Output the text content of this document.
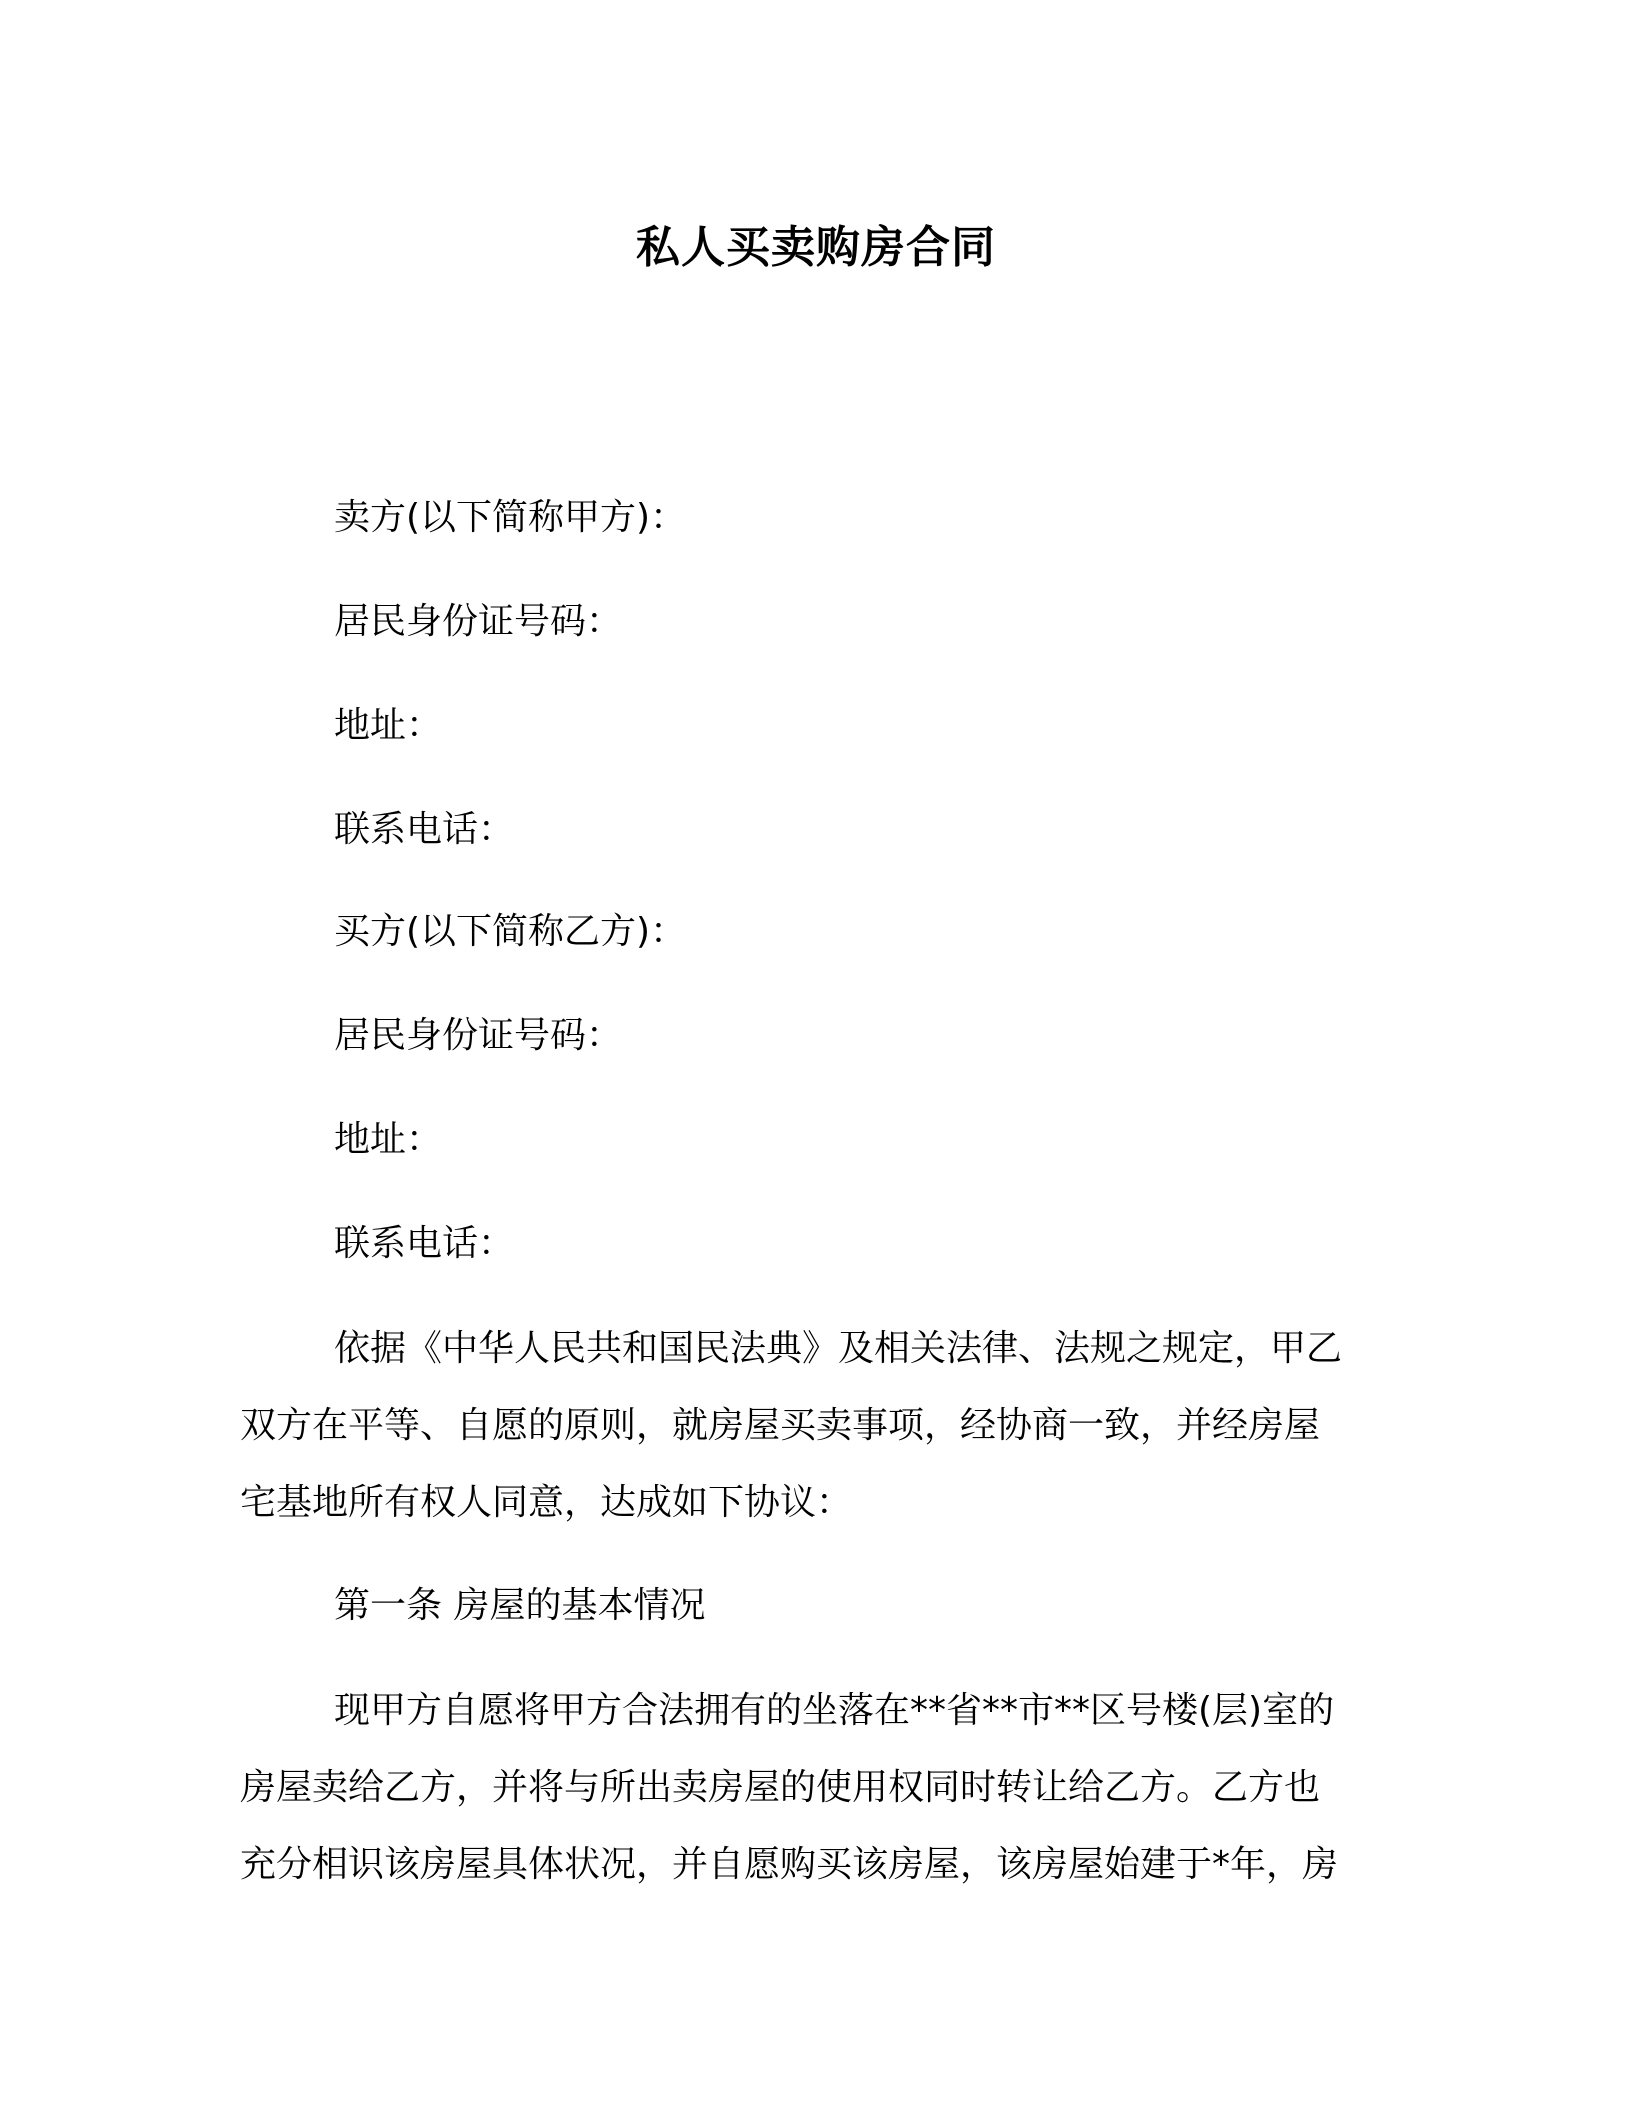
私人买卖购房合同
卖方(以下简称甲方)：
居民身份证号码：
地址：
联系电话：
买方(以下简称乙方)：
居民身份证号码：
地址：
联系电话：
依据《中华人民共和国民法典》及相关法律、法规之规定，甲乙
双方在平等、自愿的原则，就房屋买卖事项，经协商一致，并经房屋
宅基地所有权人同意，达成如下协议：
第一条 房屋的基本情况
现甲方自愿将甲方合法拥有的坐落在**省**市**区号楼(层)室的
房屋卖给乙方，并将与所出卖房屋的使用权同时转让给乙方。乙方也
充分相识该房屋具体状况，并自愿购买该房屋，该房屋始建于*年，房
